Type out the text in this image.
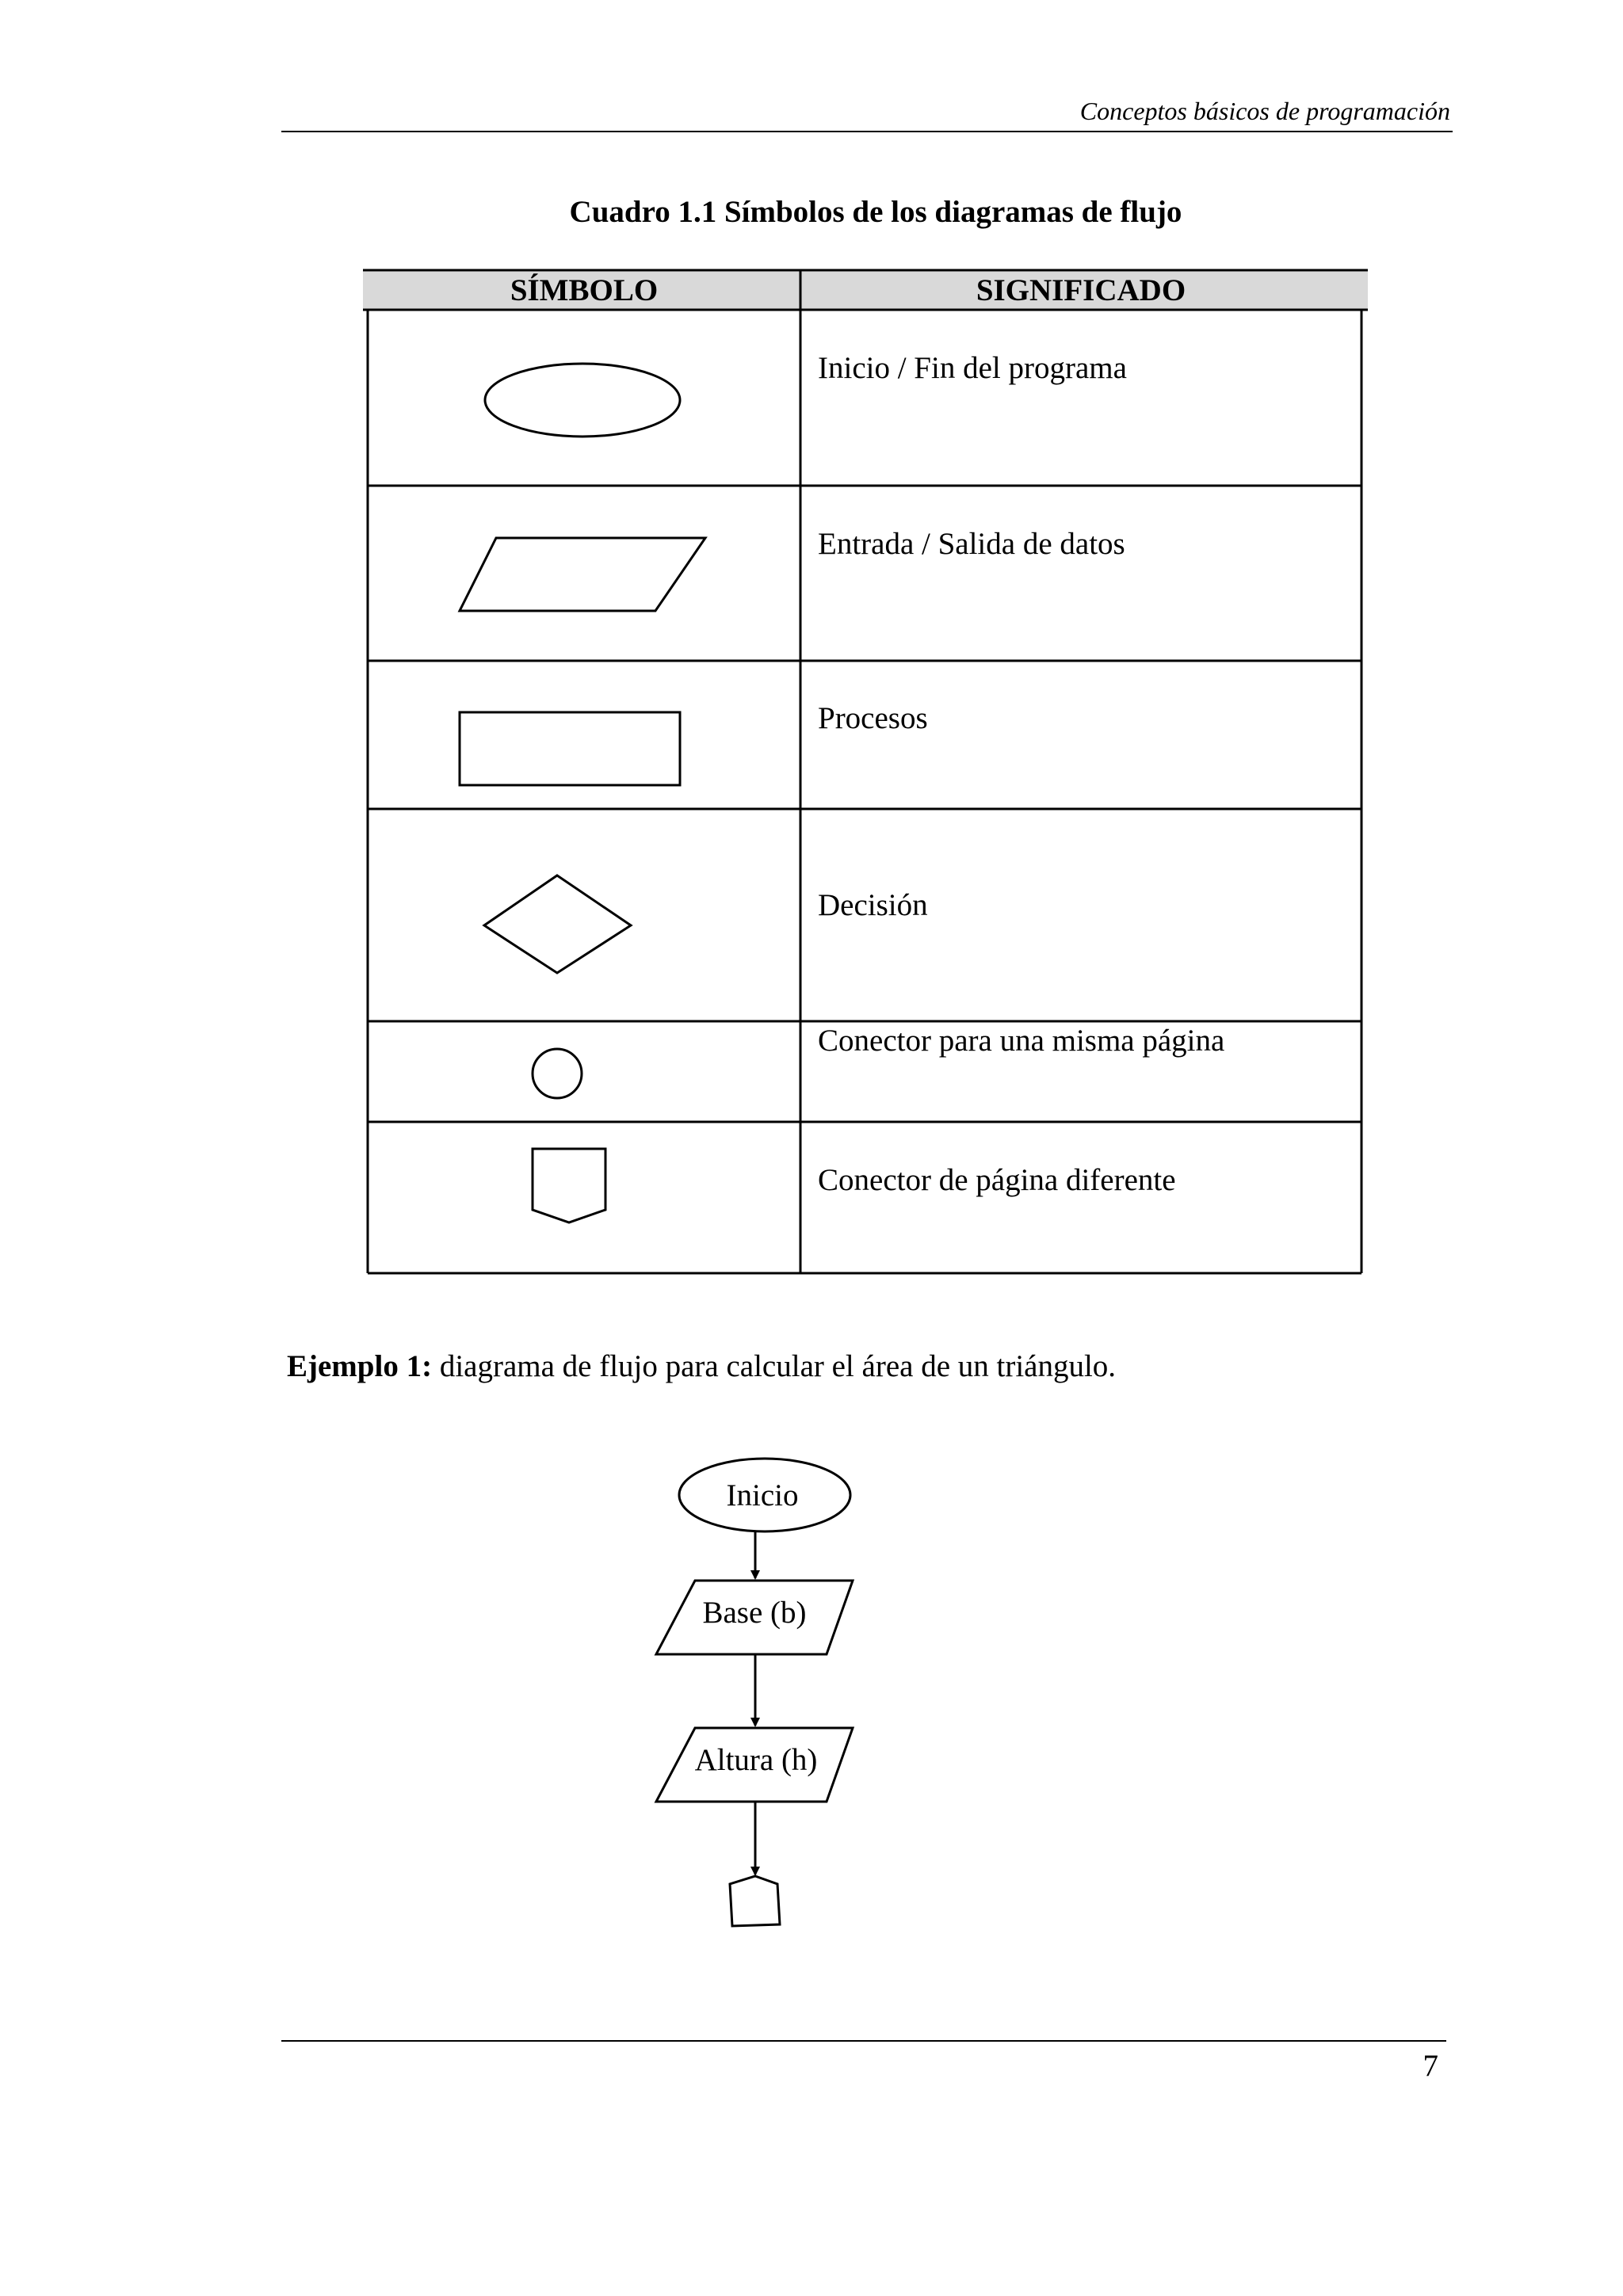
Conceptos básicos de programación
Cuadro 1.1 Símbolos de los diagramas de flujo
SÍMBOLO	SIGNIFICADO
Inicio / Fin del programa
Entrada / Salida de datos
Procesos
Decisión
Conector para una misma página
Conector de página diferente
Ejemplo 1: diagrama de flujo para calcular el área de un triángulo.
Inicio
Base (b)
Altura (h)
7
